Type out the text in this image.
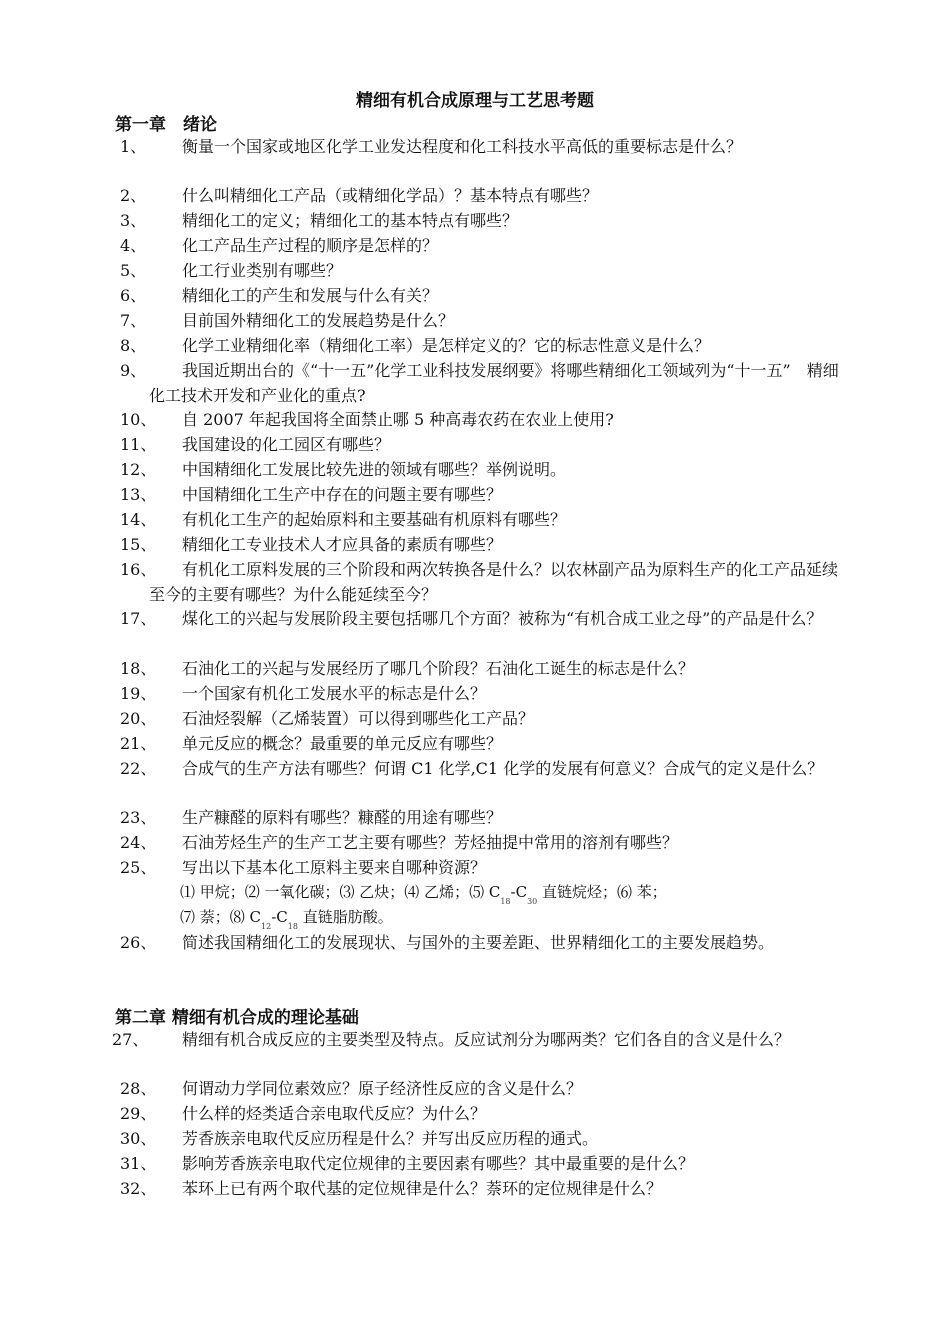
精细有机合成原理与工艺思考题
第一章　绪论
1、	衡量一个国家或地区化学工业发达程度和化工科技水平高低的重要标志是什么？
2、	什么叫精细化工产品（或精细化学品）？基本特点有哪些？
3、	精细化工的定义；精细化工的基本特点有哪些？
4、	化工产品生产过程的顺序是怎样的？
5、	化工行业类别有哪些？
6、	精细化工的产生和发展与什么有关？
7、	目前国外精细化工的发展趋势是什么？
8、	化学工业精细化率（精细化工率）是怎样定义的？它的标志性意义是什么？
9、	我国近期出台的《“十一五”化学工业科技发展纲要》将哪些精细化工领域列为“十一五”　精细化工技术开发和产业化的重点?
10、	自 2007 年起我国将全面禁止哪 5 种高毒农药在农业上使用?
11、	我国建设的化工园区有哪些？
12、	中国精细化工发展比较先进的领域有哪些？举例说明。
13、	中国精细化工生产中存在的问题主要有哪些？
14、	有机化工生产的起始原料和主要基础有机原料有哪些？
15、	精细化工专业技术人才应具备的素质有哪些？
16、	有机化工原料发展的三个阶段和两次转换各是什么？以农林副产品为原料生产的化工产品延续至今的主要有哪些？为什么能延续至今？
17、	煤化工的兴起与发展阶段主要包括哪几个方面？被称为“有机合成工业之母”的产品是什么？
18、	石油化工的兴起与发展经历了哪几个阶段？石油化工诞生的标志是什么？
19、	一个国家有机化工发展水平的标志是什么？
20、	石油烃裂解（乙烯装置）可以得到哪些化工产品？
21、	单元反应的概念？最重要的单元反应有哪些？
22、	合成气的生产方法有哪些？何谓 C1 化学,C1 化学的发展有何意义？合成气的定义是什么？
23、	生产糠醛的原料有哪些？糠醛的用途有哪些？
24、	石油芳烃生产的生产工艺主要有哪些？芳烃抽提中常用的溶剂有哪些？
25、	写出以下基本化工原料主要来自哪种资源？
⑴ 甲烷；⑵ 一氧化碳；⑶ 乙炔；⑷ 乙烯；⑸ $C_{18}-C_{30}$ 直链烷烃；⑹ 苯；
⑺ 萘；⑻ $C_{12}-C_{18}$ 直链脂肪酸。
26、	简述我国精细化工的发展现状、与国外的主要差距、世界精细化工的主要发展趋势。
第二章 精细有机合成的理论基础
27、	精细有机合成反应的主要类型及特点。反应试剂分为哪两类？它们各自的含义是什么？
28、	何谓动力学同位素效应？原子经济性反应的含义是什么？
29、	什么样的烃类适合亲电取代反应？为什么？
30、	芳香族亲电取代反应历程是什么？并写出反应历程的通式。
31、	影响芳香族亲电取代定位规律的主要因素有哪些？其中最重要的是什么？
32、	苯环上已有两个取代基的定位规律是什么？萘环的定位规律是什么？
